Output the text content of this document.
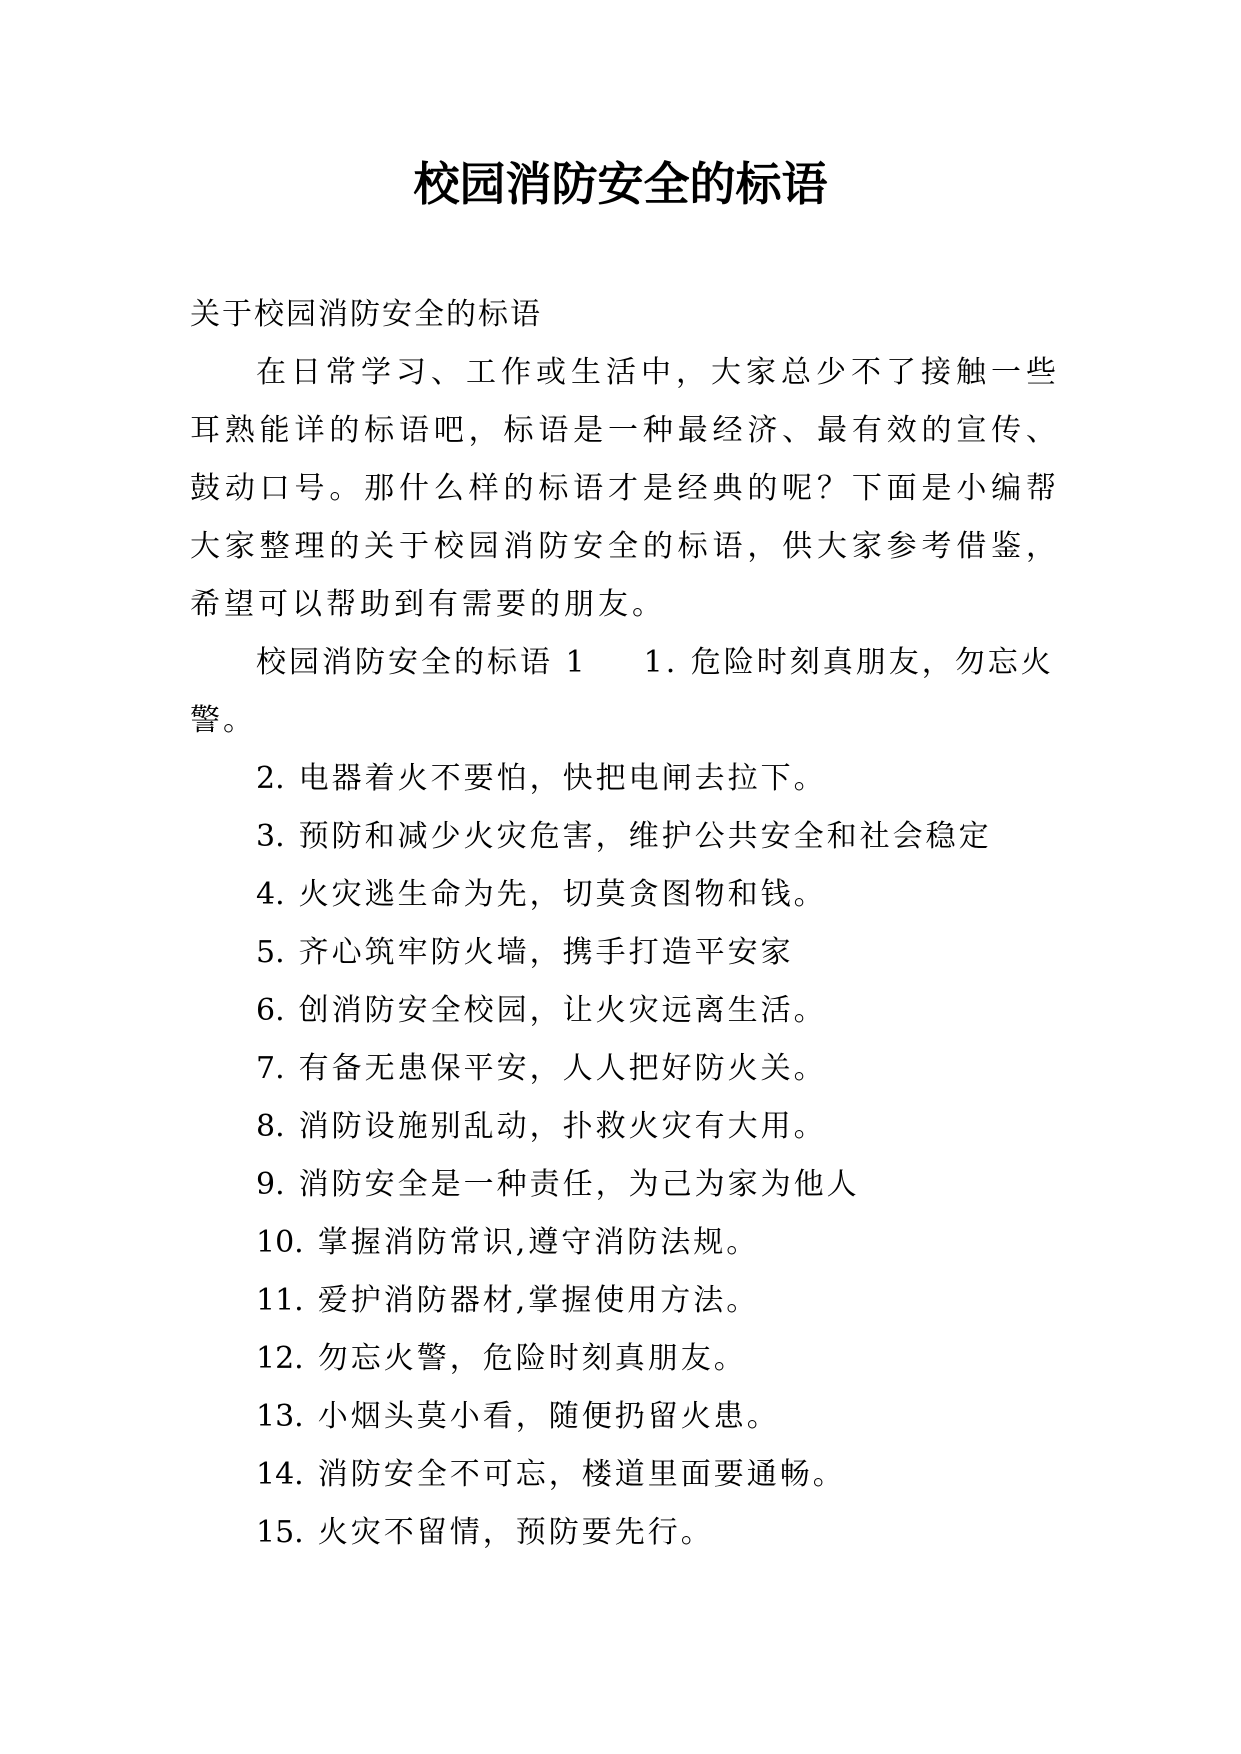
校园消防安全的标语

关于校园消防安全的标语

在日常学习、工作或生活中，大家总少不了接触一些耳熟能详的标语吧，标语是一种最经济、最有效的宣传、鼓动口号。那什么样的标语才是经典的呢？下面是小编帮大家整理的关于校园消防安全的标语，供大家参考借鉴，希望可以帮助到有需要的朋友。

校园消防安全的标语 1 1. 危险时刻真朋友，勿忘火警。

2. 电器着火不要怕，快把电闸去拉下。
3. 预防和减少火灾危害，维护公共安全和社会稳定
4. 火灾逃生命为先，切莫贪图物和钱。
5. 齐心筑牢防火墙，携手打造平安家
6. 创消防安全校园，让火灾远离生活。
7. 有备无患保平安，人人把好防火关。
8. 消防设施别乱动，扑救火灾有大用。
9. 消防安全是一种责任，为己为家为他人
10. 掌握消防常识,遵守消防法规。
11. 爱护消防器材,掌握使用方法。
12. 勿忘火警，危险时刻真朋友。
13. 小烟头莫小看，随便扔留火患。
14. 消防安全不可忘，楼道里面要通畅。
15. 火灾不留情，预防要先行。
